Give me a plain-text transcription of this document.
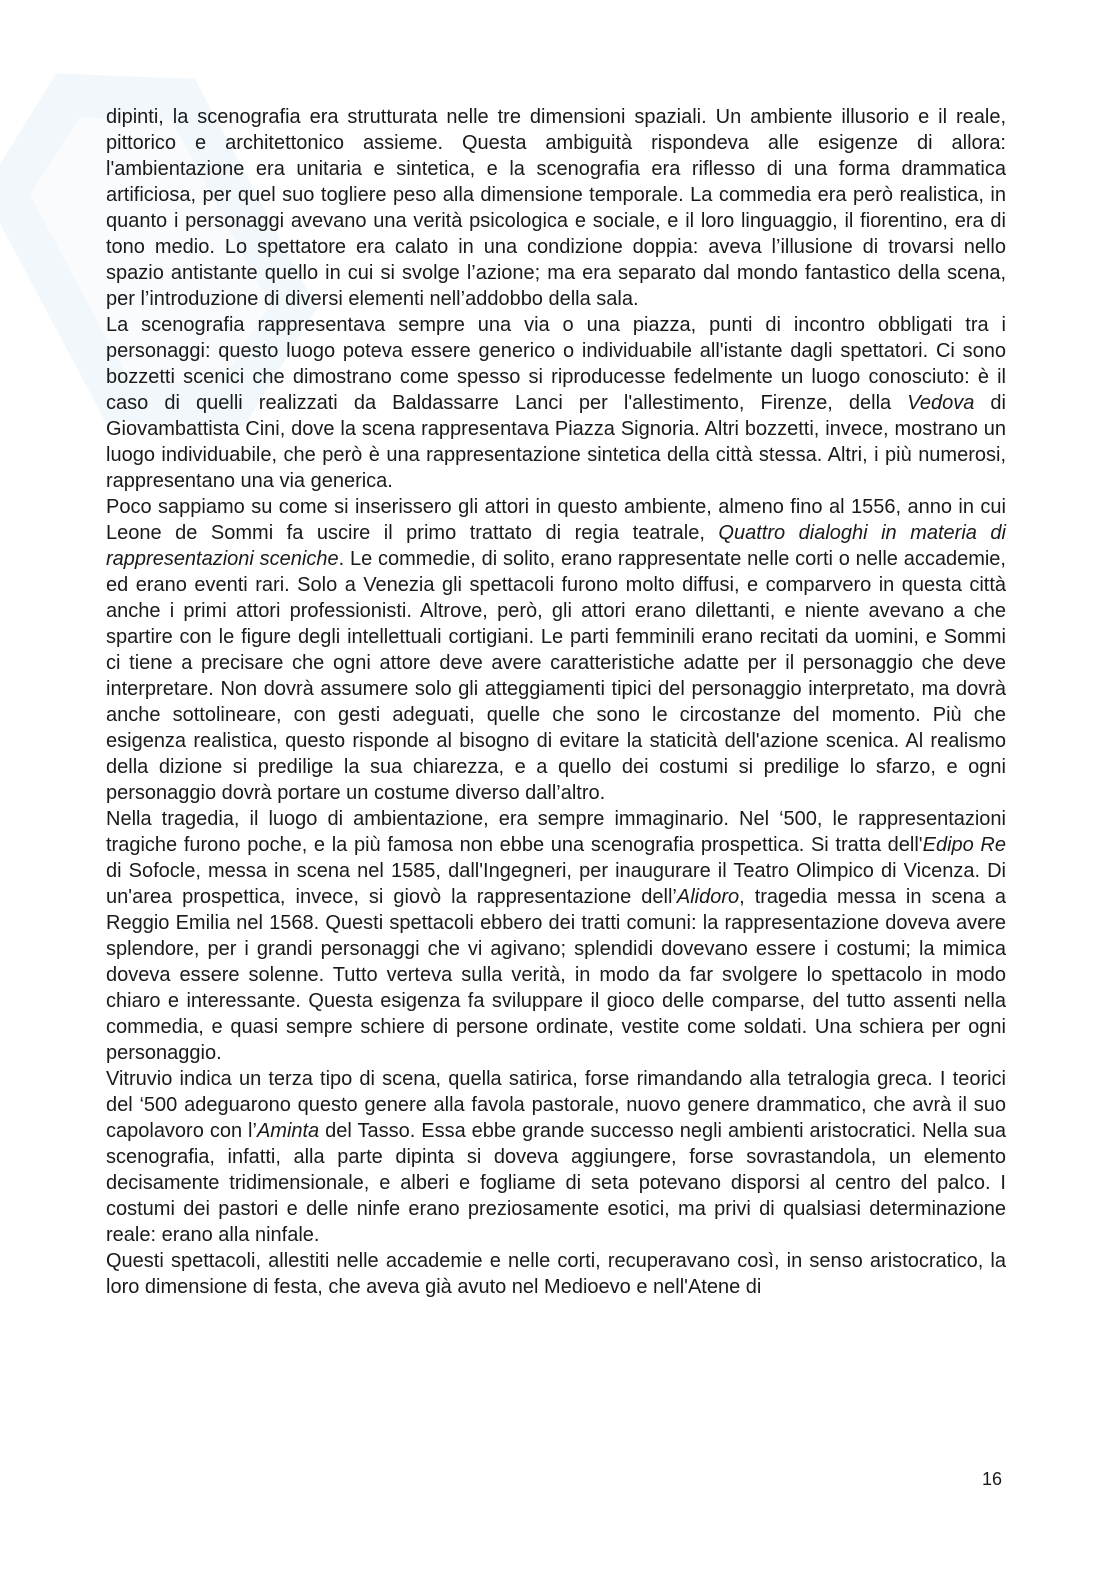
dipinti, la scenografia era strutturata nelle tre dimensioni spaziali. Un ambiente illusorio e il reale, pittorico e architettonico assieme. Questa ambiguità rispondeva alle esigenze di allora: l'ambientazione era unitaria e sintetica, e la scenografia era riflesso di una forma drammatica artificiosa, per quel suo togliere peso alla dimensione temporale. La commedia era però realistica, in quanto i personaggi avevano una verità psicologica e sociale, e il loro linguaggio, il fiorentino, era di tono medio. Lo spettatore era calato in una condizione doppia: aveva l’illusione di trovarsi nello spazio antistante quello in cui si svolge l’azione; ma era separato dal mondo fantastico della scena, per l’introduzione di diversi elementi nell’addobbo della sala.

La scenografia rappresentava sempre una via o una piazza, punti di incontro obbligati tra i personaggi: questo luogo poteva essere generico o individuabile all'istante dagli spettatori. Ci sono bozzetti scenici che dimostrano come spesso si riproducesse fedelmente un luogo conosciuto: è il caso di quelli realizzati da Baldassarre Lanci per l'allestimento, Firenze, della Vedova di Giovambattista Cini, dove la scena rappresentava Piazza Signoria. Altri bozzetti, invece, mostrano un luogo individuabile, che però è una rappresentazione sintetica della città stessa. Altri, i più numerosi, rappresentano una via generica.

Poco sappiamo su come si inserissero gli attori in questo ambiente, almeno fino al 1556, anno in cui Leone de Sommi fa uscire il primo trattato di regia teatrale, Quattro dialoghi in materia di rappresentazioni sceniche. Le commedie, di solito, erano rappresentate nelle corti o nelle accademie, ed erano eventi rari. Solo a Venezia gli spettacoli furono molto diffusi, e comparvero in questa città anche i primi attori professionisti. Altrove, però, gli attori erano dilettanti, e niente avevano a che spartire con le figure degli intellettuali cortigiani. Le parti femminili erano recitati da uomini, e Sommi ci tiene a precisare che ogni attore deve avere caratteristiche adatte per il personaggio che deve interpretare. Non dovrà assumere solo gli atteggiamenti tipici del personaggio interpretato, ma dovrà anche sottolineare, con gesti adeguati, quelle che sono le circostanze del momento. Più che esigenza realistica, questo risponde al bisogno di evitare la staticità dell'azione scenica. Al realismo della dizione si predilige la sua chiarezza, e a quello dei costumi si predilige lo sfarzo, e ogni personaggio dovrà portare un costume diverso dall’altro.

Nella tragedia, il luogo di ambientazione, era sempre immaginario. Nel ‘500, le rappresentazioni tragiche furono poche, e la più famosa non ebbe una scenografia prospettica. Si tratta dell'Edipo Re di Sofocle, messa in scena nel 1585, dall'Ingegneri, per inaugurare il Teatro Olimpico di Vicenza. Di un'area prospettica, invece, si giovò la rappresentazione dell’Alidoro, tragedia messa in scena a Reggio Emilia nel 1568. Questi spettacoli ebbero dei tratti comuni: la rappresentazione doveva avere splendore, per i grandi personaggi che vi agivano; splendidi dovevano essere i costumi; la mimica doveva essere solenne. Tutto verteva sulla verità, in modo da far svolgere lo spettacolo in modo chiaro e interessante. Questa esigenza fa sviluppare il gioco delle comparse, del tutto assenti nella commedia, e quasi sempre schiere di persone ordinate, vestite come soldati. Una schiera per ogni personaggio.

Vitruvio indica un terza tipo di scena, quella satirica, forse rimandando alla tetralogia greca. I teorici del ‘500 adeguarono questo genere alla favola pastorale, nuovo genere drammatico, che avrà il suo capolavoro con l’Aminta del Tasso. Essa ebbe grande successo negli ambienti aristocratici. Nella sua scenografia, infatti, alla parte dipinta si doveva aggiungere, forse sovrastandola, un elemento decisamente tridimensionale, e alberi e fogliame di seta potevano disporsi al centro del palco. I costumi dei pastori e delle ninfe erano preziosamente esotici, ma privi di qualsiasi determinazione reale: erano alla ninfale.

Questi spettacoli, allestiti nelle accademie e nelle corti, recuperavano così, in senso aristocratico, la loro dimensione di festa, che aveva già avuto nel Medioevo e nell'Atene di

16
